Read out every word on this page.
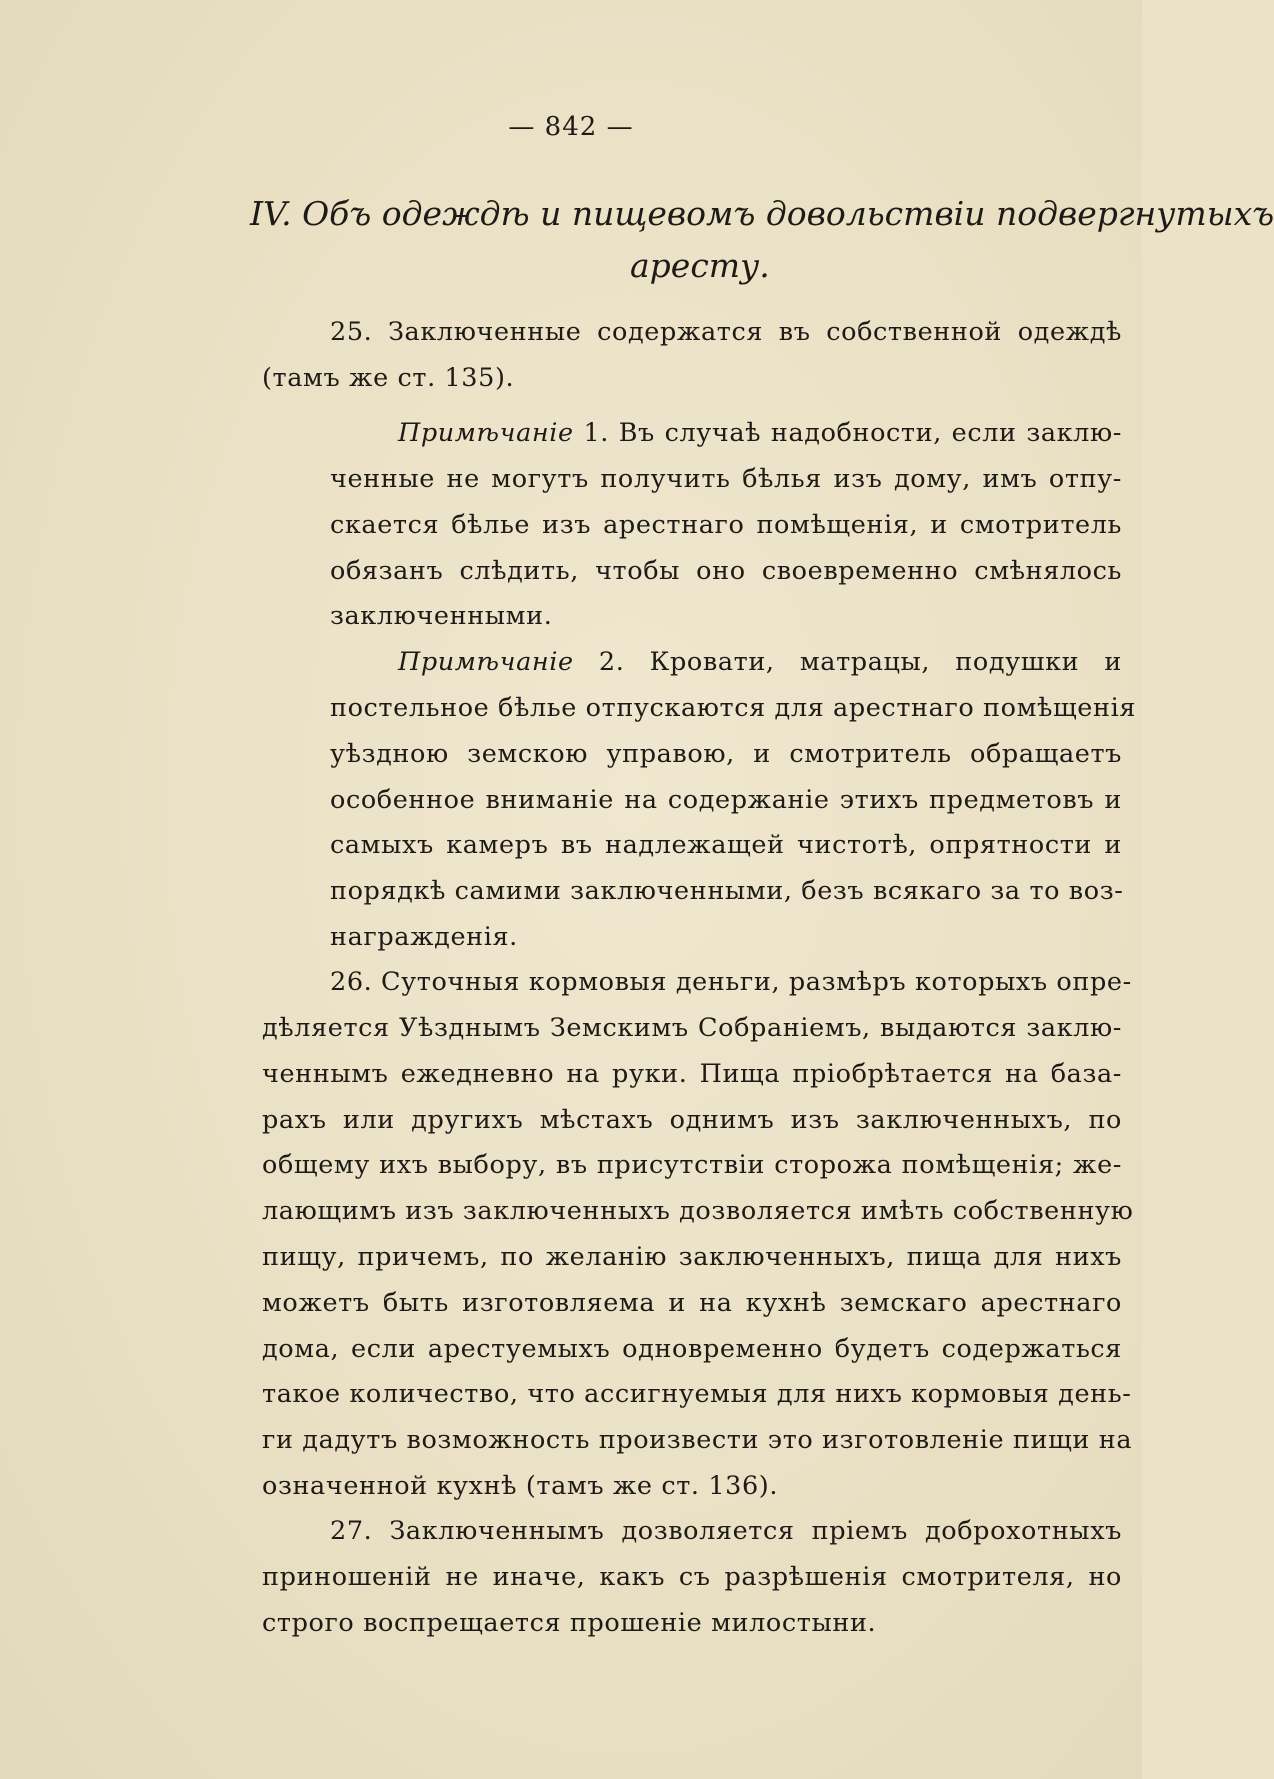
— 842 —
IV. Объ одеждѣ и пищевомъ довольствіи подвергнутыхъ
аресту.
25. Заключенные содержатся въ собственной одеждѣ
(тамъ же ст. 135).
Примѣчаніе 1. Въ случаѣ надобности, если заклю-
ченные не могутъ получить бѣлья изъ дому, имъ отпу-
скается бѣлье изъ арестнаго помѣщенія, и смотритель
обязанъ слѣдить, чтобы оно своевременно смѣнялось
заключенными.
Примѣчаніе 2. Кровати, матрацы, подушки и
постельное бѣлье отпускаются для арестнаго помѣщенія
уѣздною земскою управою, и смотритель обращаетъ
особенное вниманіе на содержаніе этихъ предметовъ и
самыхъ камеръ въ надлежащей чистотѣ, опрятности и
порядкѣ самими заключенными, безъ всякаго за то воз-
награжденія.
26. Суточныя кормовыя деньги, размѣръ которыхъ опре-
дѣляется Уѣзднымъ Земскимъ Собраніемъ, выдаются заклю-
ченнымъ ежедневно на руки. Пища пріобрѣтается на база-
рахъ или другихъ мѣстахъ однимъ изъ заключенныхъ, по
общему ихъ выбору, въ присутствіи сторожа помѣщенія; же-
лающимъ изъ заключенныхъ дозволяется имѣть собственную
пищу, причемъ, по желанію заключенныхъ, пища для нихъ
можетъ быть изготовляема и на кухнѣ земскаго арестнаго
дома, если арестуемыхъ одновременно будетъ содержаться
такое количество, что ассигнуемыя для нихъ кормовыя день-
ги дадутъ возможность произвести это изготовленіе пищи на
означенной кухнѣ (тамъ же ст. 136).
27. Заключеннымъ дозволяется пріемъ доброхотныхъ
приношеній не иначе, какъ съ разрѣшенія смотрителя, но
строго воспрещается прошеніе милостыни.
